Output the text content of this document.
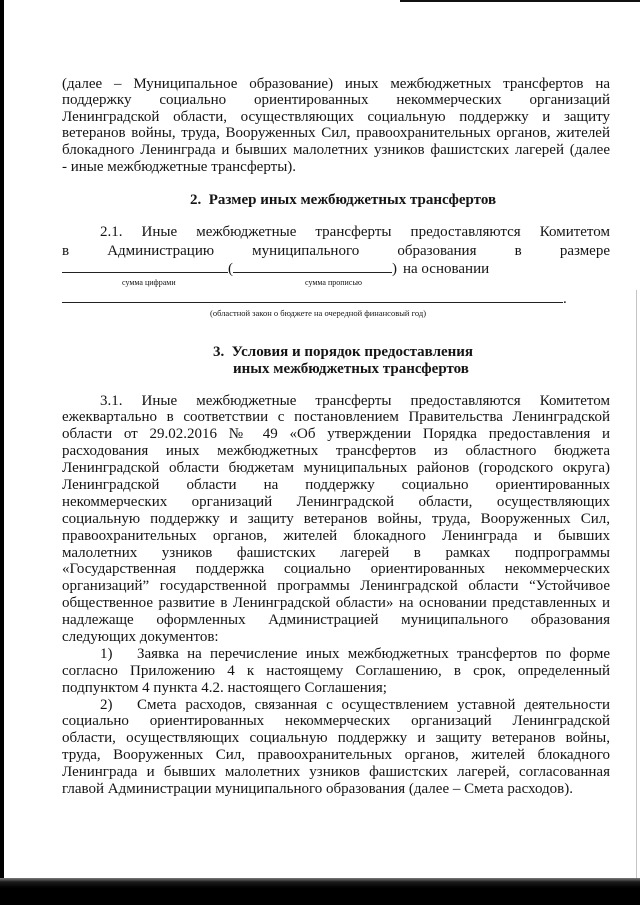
(далее – Муниципальное образование) иных межбюджетных трансфертов на
поддержку социально ориентированных некоммерческих организаций
Ленинградской области, осуществляющих социальную поддержку и защиту
ветеранов войны, труда, Вооруженных Сил, правоохранительных органов, жителей
блокадного Ленинграда и бывших малолетних узников фашистских лагерей (далее
- иные межбюджетные трансферты).
2.  Размер иных межбюджетных трансфертов
2.1. Иные межбюджетные трансферты предоставляются Комитетом
в Администрацию муниципального образования в размере
(	) на основании
сумма цифрами	сумма прописью
.
(областной закон о бюджете на очередной финансовый год)
3.  Условия и порядок предоставления
иных межбюджетных трансфертов
3.1. Иные межбюджетные трансферты предоставляются Комитетом
ежеквартально в соответствии с постановлением Правительства Ленинградской
области от 29.02.2016 № 49 «Об утверждении Порядка предоставления и
расходования иных межбюджетных трансфертов из областного бюджета
Ленинградской области бюджетам муниципальных районов (городского округа)
Ленинградской области на поддержку социально ориентированных
некоммерческих организаций Ленинградской области, осуществляющих
социальную поддержку и защиту ветеранов войны, труда, Вооруженных Сил,
правоохранительных органов, жителей блокадного Ленинграда и бывших
малолетних узников фашистских лагерей в рамках подпрограммы
«Государственная поддержка социально ориентированных некоммерческих
организаций” государственной программы Ленинградской области “Устойчивое
общественное развитие в Ленинградской области» на основании представленных и
надлежаще оформленных Администрацией муниципального образования
следующих документов:
1) Заявка на перечисление иных межбюджетных трансфертов по форме
согласно Приложению 4 к настоящему Соглашению, в срок, определенный
подпунктом 4 пункта 4.2. настоящего Соглашения;
2) Смета расходов, связанная с осуществлением уставной деятельности
социально ориентированных некоммерческих организаций Ленинградской
области, осуществляющих социальную поддержку и защиту ветеранов войны,
труда, Вооруженных Сил, правоохранительных органов, жителей блокадного
Ленинграда и бывших малолетних узников фашистских лагерей, согласованная
главой Администрации муниципального образования (далее – Смета расходов).
